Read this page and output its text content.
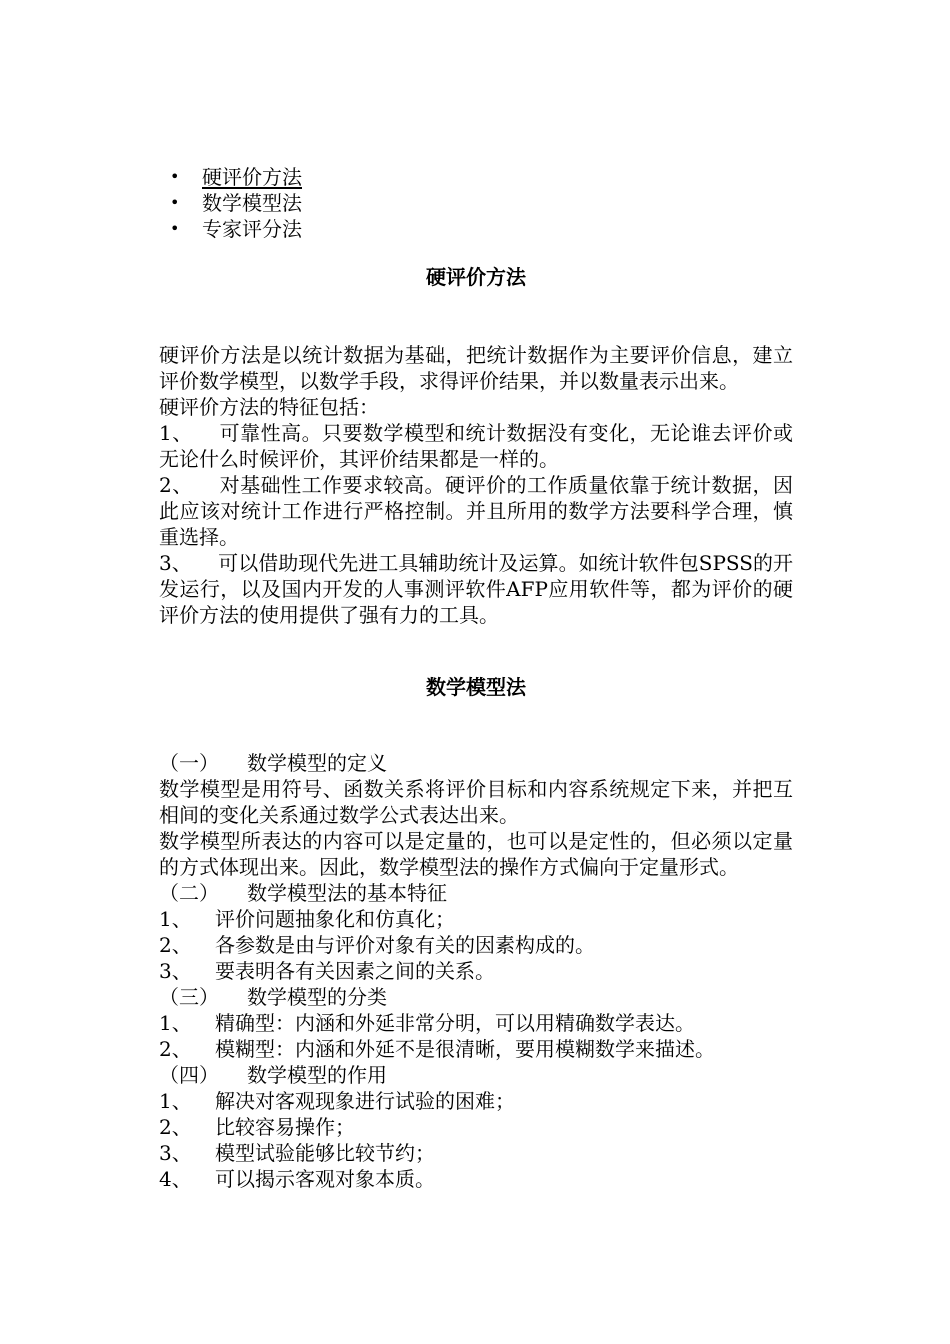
• 硬评价方法
• 数学模型法
• 专家评分法
硬评价方法

硬评价方法是以统计数据为基础，把统计数据作为主要评价信息，建立评价数学模型，以数学手段，求得评价结果，并以数量表示出来。

硬评价方法的特征包括：

1、  可靠性高。只要数学模型和统计数据没有变化，无论谁去评价或无论什么时候评价，其评价结果都是一样的。

2、  对基础性工作要求较高。硬评价的工作质量依靠于统计数据，因此应该对统计工作进行严格控制。并且所用的数学方法要科学合理，慎重选择。

3、  可以借助现代先进工具辅助统计及运算。如统计软件包SPSS的开发运行，以及国内开发的人事测评软件AFP应用软件等，都为评价的硬评价方法的使用提供了强有力的工具。

数学模型法

（一） 数学模型的定义

数学模型是用符号、函数关系将评价目标和内容系统规定下来，并把互相间的变化关系通过数学公式表达出来。

数学模型所表达的内容可以是定量的，也可以是定性的，但必须以定量的方式体现出来。因此，数学模型法的操作方式偏向于定量形式。

（二） 数学模型法的基本特征

1、 评价问题抽象化和仿真化；

2、 各参数是由与评价对象有关的因素构成的。

3、 要表明各有关因素之间的关系。

（三） 数学模型的分类

1、 精确型：内涵和外延非常分明，可以用精确数学表达。

2、 模糊型：内涵和外延不是很清晰，要用模糊数学来描述。

（四） 数学模型的作用

1、 解决对客观现象进行试验的困难；

2、 比较容易操作；

3、 模型试验能够比较节约；

4、 可以揭示客观对象本质。
